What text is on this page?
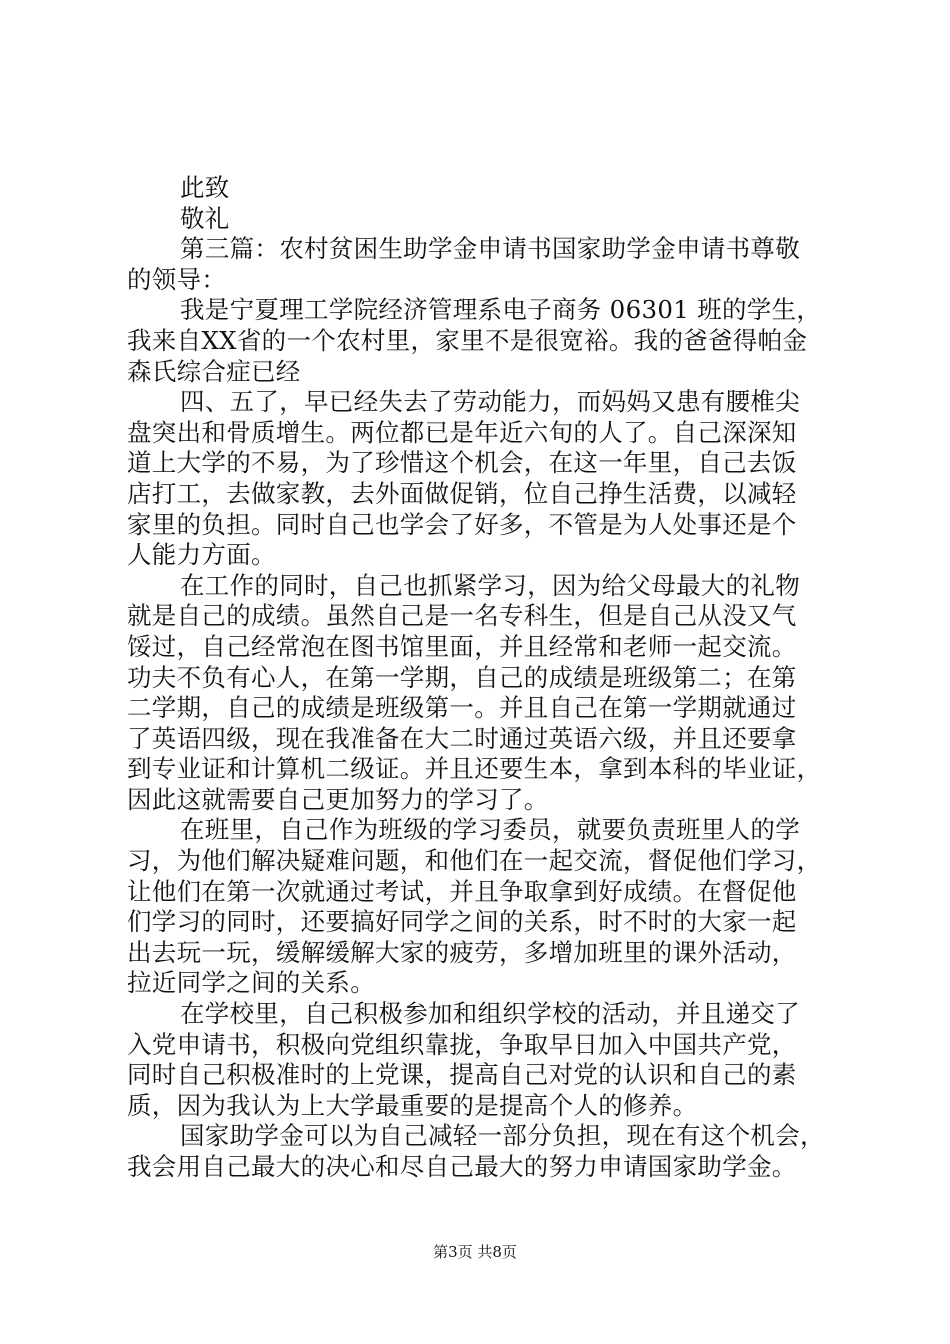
此致
敬礼
第三篇：农村贫困生助学金申请书国家助学金申请书尊敬
的领导：
我是宁夏理工学院经济管理系电子商务 06301 班的学生，
我来自XX省的一个农村里，家里不是很宽裕。我的爸爸得帕金
森氏综合症已经
四、五了，早已经失去了劳动能力，而妈妈又患有腰椎尖
盘突出和骨质增生。两位都已是年近六旬的人了。自己深深知
道上大学的不易，为了珍惜这个机会，在这一年里，自己去饭
店打工，去做家教，去外面做促销，位自己挣生活费，以减轻
家里的负担。同时自己也学会了好多，不管是为人处事还是个
人能力方面。
在工作的同时，自己也抓紧学习，因为给父母最大的礼物
就是自己的成绩。虽然自己是一名专科生，但是自己从没又气
馁过，自己经常泡在图书馆里面，并且经常和老师一起交流。
功夫不负有心人，在第一学期，自己的成绩是班级第二；在第
二学期，自己的成绩是班级第一。并且自己在第一学期就通过
了英语四级，现在我准备在大二时通过英语六级，并且还要拿
到专业证和计算机二级证。并且还要生本，拿到本科的毕业证，
因此这就需要自己更加努力的学习了。
在班里，自己作为班级的学习委员，就要负责班里人的学
习，为他们解决疑难问题，和他们在一起交流，督促他们学习，
让他们在第一次就通过考试，并且争取拿到好成绩。在督促他
们学习的同时，还要搞好同学之间的关系，时不时的大家一起
出去玩一玩，缓解缓解大家的疲劳，多增加班里的课外活动，
拉近同学之间的关系。
在学校里，自己积极参加和组织学校的活动，并且递交了
入党申请书，积极向党组织靠拢，争取早日加入中国共产党，
同时自己积极准时的上党课，提高自己对党的认识和自己的素
质，因为我认为上大学最重要的是提高个人的修养。
国家助学金可以为自己减轻一部分负担，现在有这个机会，
我会用自己最大的决心和尽自己最大的努力申请国家助学金。
第3页 共8页
